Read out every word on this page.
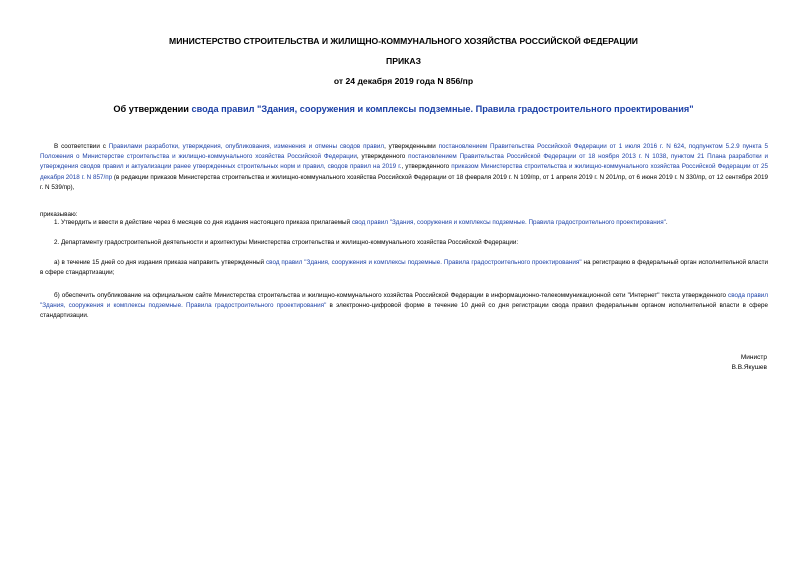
МИНИСТЕРСТВО СТРОИТЕЛЬСТВА И ЖИЛИЩНО-КОММУНАЛЬНОГО ХОЗЯЙСТВА РОССИЙСКОЙ ФЕДЕРАЦИИ
ПРИКАЗ
от 24 декабря 2019 года N 856/пр
Об утверждении свода правил "Здания, сооружения и комплексы подземные. Правила градостроительного проектирования"
В соответствии с Правилами разработки, утверждения, опубликования, изменения и отмены сводов правил, утвержденными постановлением Правительства Российской Федерации от 1 июля 2016 г. N 624, подпунктом 5.2.9 пункта 5 Положения о Министерстве строительства и жилищно-коммунального хозяйства Российской Федерации, утвержденного постановлением Правительства Российской Федерации от 18 ноября 2013 г. N 1038, пунктом 21 Плана разработки и утверждения сводов правил и актуализации ранее утвержденных строительных норм и правил, сводов правил на 2019 г., утвержденного приказом Министерства строительства и жилищно-коммунального хозяйства Российской Федерации от 25 декабря 2018 г. N 857/пр (в редакции приказов Министерства строительства и жилищно-коммунального хозяйства Российской Федерации от 18 февраля 2019 г. N 109/пр, от 1 апреля 2019 г. N 201/пр, от 6 июня 2019 г. N 330/пр, от 12 сентября 2019 г. N 539/пр),
приказываю:
1. Утвердить и ввести в действие через 6 месяцев со дня издания настоящего приказа прилагаемый свод правил "Здания, сооружения и комплексы подземные. Правила градостроительного проектирования".
2. Департаменту градостроительной деятельности и архитектуры Министерства строительства и жилищно-коммунального хозяйства Российской Федерации:
а) в течение 15 дней со дня издания приказа направить утвержденный свод правил "Здания, сооружения и комплексы подземные. Правила градостроительного проектирования" на регистрацию в федеральный орган исполнительной власти в сфере стандартизации;
б) обеспечить опубликование на официальном сайте Министерства строительства и жилищно-коммунального хозяйства Российской Федерации в информационно-телекоммуникационной сети "Интернет" текста утвержденного свода правил "Здания, сооружения и комплексы подземные. Правила градостроительного проектирования" в электронно-цифровой форме в течение 10 дней со дня регистрации свода правил федеральным органом исполнительной власти в сфере стандартизации.
Министр
В.В.Якушев
